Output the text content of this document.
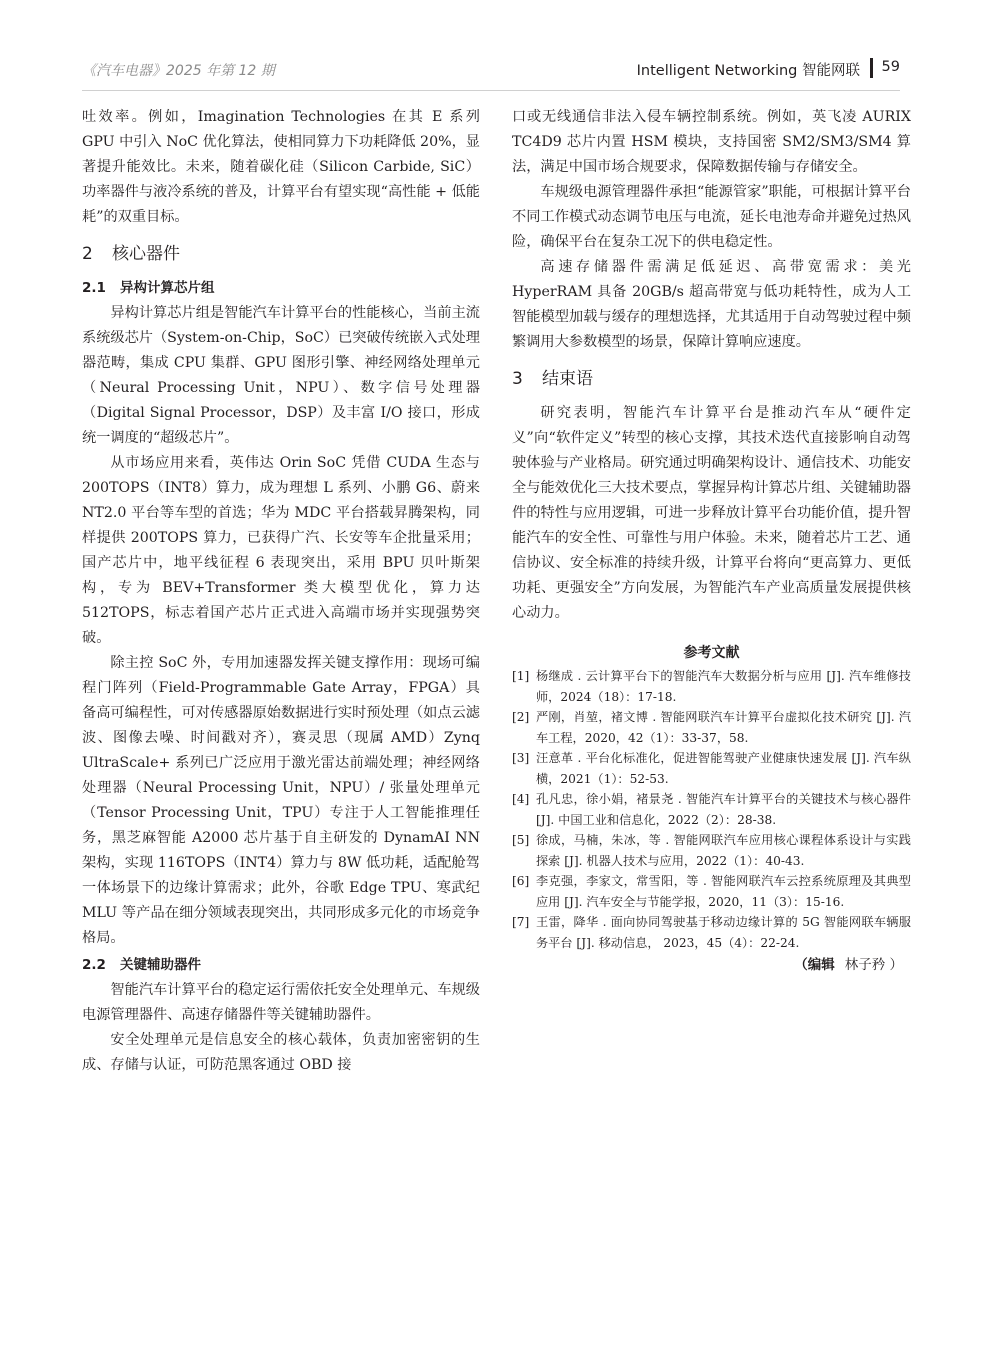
《汽车电器》2025 年第 12 期	Intelligent Networking 智能网联 59

吐效率。例如，Imagination Technologies 在其 E 系列 GPU 中引入 NoC 优化算法，使相同算力下功耗降低 20%，显著提升能效比。未来，随着碳化硅（Silicon Carbide, SiC）功率器件与液冷系统的普及，计算平台有望实现“高性能 + 低能耗”的双重目标。

2 核心器件
2.1 异构计算芯片组

异构计算芯片组是智能汽车计算平台的性能核心，当前主流系统级芯片（System-on-Chip，SoC）已突破传统嵌入式处理器范畴，集成 CPU 集群、GPU 图形引擎、神经网络处理单元（Neural Processing Unit，NPU）、数字信号处理器（Digital Signal Processor，DSP）及丰富 I/O 接口，形成统一调度的“超级芯片”。

从市场应用来看，英伟达 Orin SoC 凭借 CUDA 生态与 200TOPS（INT8）算力，成为理想 L 系列、小鹏 G6、蔚来 NT2.0 平台等车型的首选；华为 MDC 平台搭载昇腾架构，同样提供 200TOPS 算力，已获得广汽、长安等车企批量采用；国产芯片中，地平线征程 6 表现突出，采用 BPU 贝叶斯架构，专为 BEV+Transformer 类大模型优化，算力达 512TOPS，标志着国产芯片正式进入高端市场并实现强势突破。

除主控 SoC 外，专用加速器发挥关键支撑作用：现场可编程门阵列（Field-Programmable Gate Array，FPGA）具备高可编程性，可对传感器原始数据进行实时预处理（如点云滤波、图像去噪、时间戳对齐），赛灵思（现属 AMD）Zynq UltraScale+ 系列已广泛应用于激光雷达前端处理；神经网络处理器（Neural Processing Unit，NPU）/ 张量处理单元（Tensor Processing Unit，TPU）专注于人工智能推理任务，黑芝麻智能 A2000 芯片基于自主研发的 DynamAI NN 架构，实现 116TOPS（INT4）算力与 8W 低功耗，适配舱驾一体场景下的边缘计算需求；此外，谷歌 Edge TPU、寒武纪 MLU 等产品在细分领域表现突出，共同形成多元化的市场竞争格局。

2.2 关键辅助器件

智能汽车计算平台的稳定运行需依托安全处理单元、车规级电源管理器件、高速存储器件等关键辅助器件。

安全处理单元是信息安全的核心载体，负责加密密钥的生成、存储与认证，可防范黑客通过 OBD 接

口或无线通信非法入侵车辆控制系统。例如，英飞凌 AURIX TC4D9 芯片内置 HSM 模块，支持国密 SM2/SM3/SM4 算法，满足中国市场合规要求，保障数据传输与存储安全。

车规级电源管理器件承担“能源管家”职能，可根据计算平台不同工作模式动态调节电压与电流，延长电池寿命并避免过热风险，确保平台在复杂工况下的供电稳定性。

高速存储器件需满足低延迟、高带宽需求：美光 HyperRAM 具备 20GB/s 超高带宽与低功耗特性，成为人工智能模型加载与缓存的理想选择，尤其适用于自动驾驶过程中频繁调用大参数模型的场景，保障计算响应速度。

3 结束语

研究表明，智能汽车计算平台是推动汽车从“硬件定义”向“软件定义”转型的核心支撑，其技术迭代直接影响自动驾驶体验与产业格局。研究通过明确架构设计、通信技术、功能安全与能效优化三大技术要点，掌握异构计算芯片组、关键辅助器件的特性与应用逻辑，可进一步释放计算平台功能价值，提升智能汽车的安全性、可靠性与用户体验。未来，随着芯片工艺、通信协议、安全标准的持续升级，计算平台将向“更高算力、更低功耗、更强安全”方向发展，为智能汽车产业高质量发展提供核心动力。

参考文献
[1] 杨继成 . 云计算平台下的智能汽车大数据分析与应用 [J]. 汽车维修技师，2024（18）：17-18.
[2] 严刚，肖堃，褚文博 . 智能网联汽车计算平台虚拟化技术研究 [J]. 汽车工程，2020，42（1）：33-37，58.
[3] 汪意革 . 平台化标准化，促进智能驾驶产业健康快速发展 [J]. 汽车纵横，2021（1）：52-53.
[4] 孔凡忠，徐小娟，褚景尧 . 智能汽车计算平台的关键技术与核心器件 [J]. 中国工业和信息化，2022（2）：28-38.
[5] 徐成，马楠，朱冰，等 . 智能网联汽车应用核心课程体系设计与实践探索 [J]. 机器人技术与应用，2022（1）：40-43.
[6] 李克强，李家文，常雪阳，等 . 智能网联汽车云控系统原理及其典型应用 [J]. 汽车安全与节能学报，2020，11（3）：15-16.
[7] 王雷，降华 . 面向协同驾驶基于移动边缘计算的 5G 智能网联车辆服务平台 [J]. 移动信息， 2023，45（4）：22-24.
（编辑 林子矜 ）
